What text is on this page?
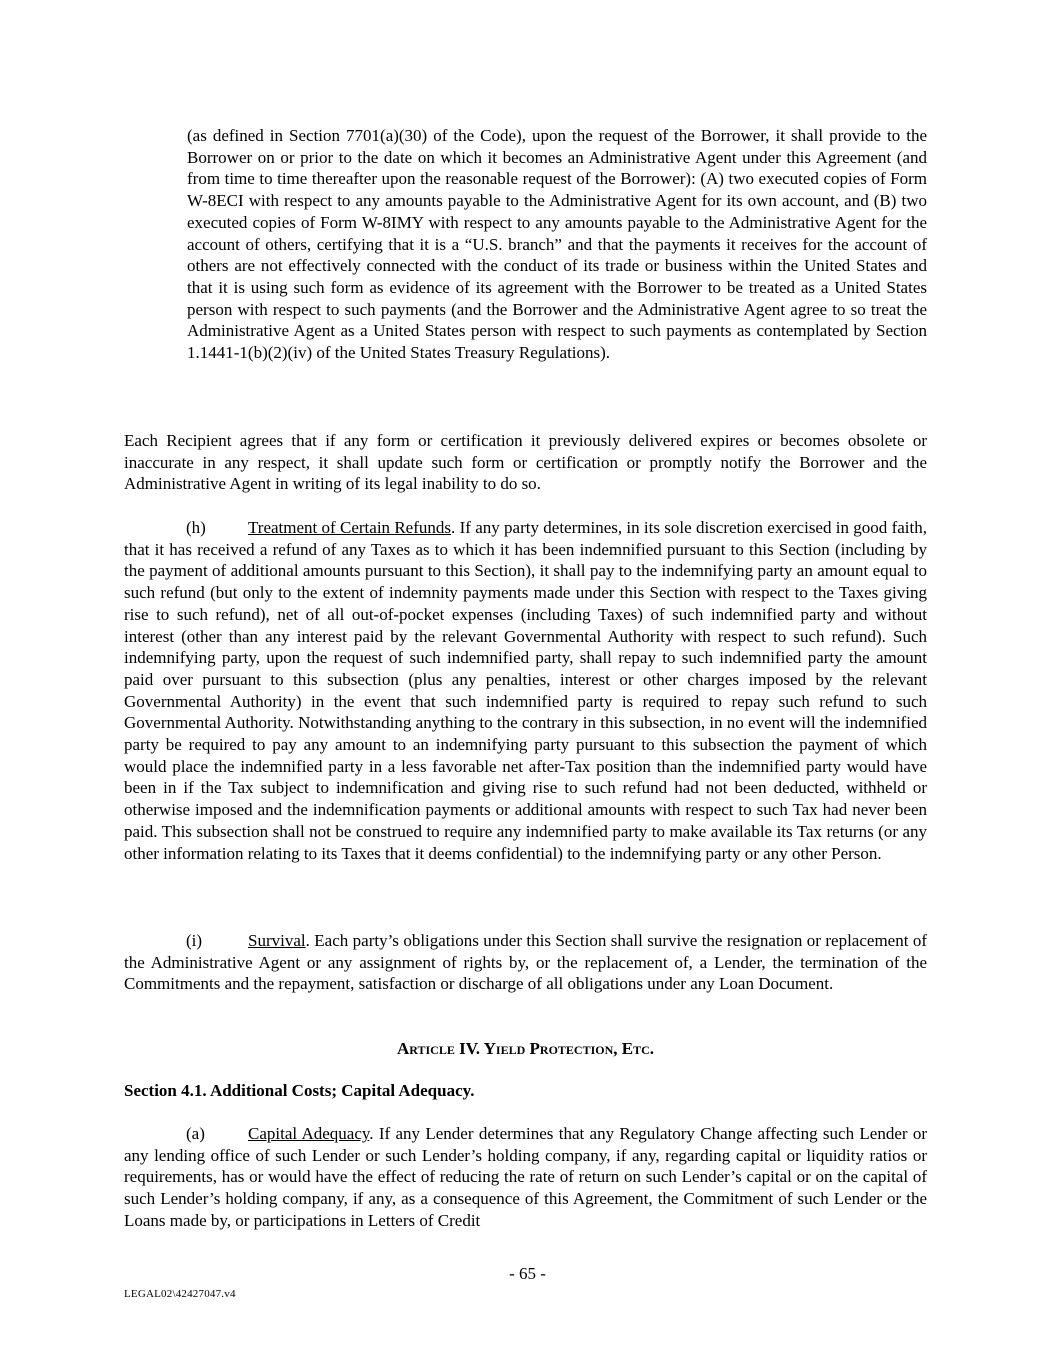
(as defined in Section 7701(a)(30) of the Code), upon the request of the Borrower, it shall provide to the Borrower on or prior to the date on which it becomes an Administrative Agent under this Agreement (and from time to time thereafter upon the reasonable request of the Borrower): (A) two executed copies of Form W-8ECI with respect to any amounts payable to the Administrative Agent for its own account, and (B) two executed copies of Form W-8IMY with respect to any amounts payable to the Administrative Agent for the account of others, certifying that it is a “U.S. branch” and that the payments it receives for the account of others are not effectively connected with the conduct of its trade or business within the United States and that it is using such form as evidence of its agreement with the Borrower to be treated as a United States person with respect to such payments (and the Borrower and the Administrative Agent agree to so treat the Administrative Agent as a United States person with respect to such payments as contemplated by Section 1.1441-1(b)(2)(iv) of the United States Treasury Regulations).

Each Recipient agrees that if any form or certification it previously delivered expires or becomes obsolete or inaccurate in any respect, it shall update such form or certification or promptly notify the Borrower and the Administrative Agent in writing of its legal inability to do so.

(h) Treatment of Certain Refunds. If any party determines, in its sole discretion exercised in good faith, that it has received a refund of any Taxes as to which it has been indemnified pursuant to this Section (including by the payment of additional amounts pursuant to this Section), it shall pay to the indemnifying party an amount equal to such refund (but only to the extent of indemnity payments made under this Section with respect to the Taxes giving rise to such refund), net of all out-of-pocket expenses (including Taxes) of such indemnified party and without interest (other than any interest paid by the relevant Governmental Authority with respect to such refund). Such indemnifying party, upon the request of such indemnified party, shall repay to such indemnified party the amount paid over pursuant to this subsection (plus any penalties, interest or other charges imposed by the relevant Governmental Authority) in the event that such indemnified party is required to repay such refund to such Governmental Authority. Notwithstanding anything to the contrary in this subsection, in no event will the indemnified party be required to pay any amount to an indemnifying party pursuant to this subsection the payment of which would place the indemnified party in a less favorable net after-Tax position than the indemnified party would have been in if the Tax subject to indemnification and giving rise to such refund had not been deducted, withheld or otherwise imposed and the indemnification payments or additional amounts with respect to such Tax had never been paid. This subsection shall not be construed to require any indemnified party to make available its Tax returns (or any other information relating to its Taxes that it deems confidential) to the indemnifying party or any other Person.

(i)	Survival. Each party’s obligations under this Section shall survive the resignation or replacement of the Administrative Agent or any assignment of rights by, or the replacement of, a Lender, the termination of the Commitments and the repayment, satisfaction or discharge of all obligations under any Loan Document.

Article IV. Yield Protection, Etc.
Section 4.1. Additional Costs; Capital Adequacy.

(a)	Capital Adequacy. If any Lender determines that any Regulatory Change affecting such Lender or any lending office of such Lender or such Lender’s holding company, if any, regarding capital or liquidity ratios or requirements, has or would have the effect of reducing the rate of return on such Lender’s capital or on the capital of such Lender’s holding company, if any, as a consequence of this Agreement, the Commitment of such Lender or the Loans made by, or participations in Letters of Credit

- 65 -
LEGAL02\42427047.v4
